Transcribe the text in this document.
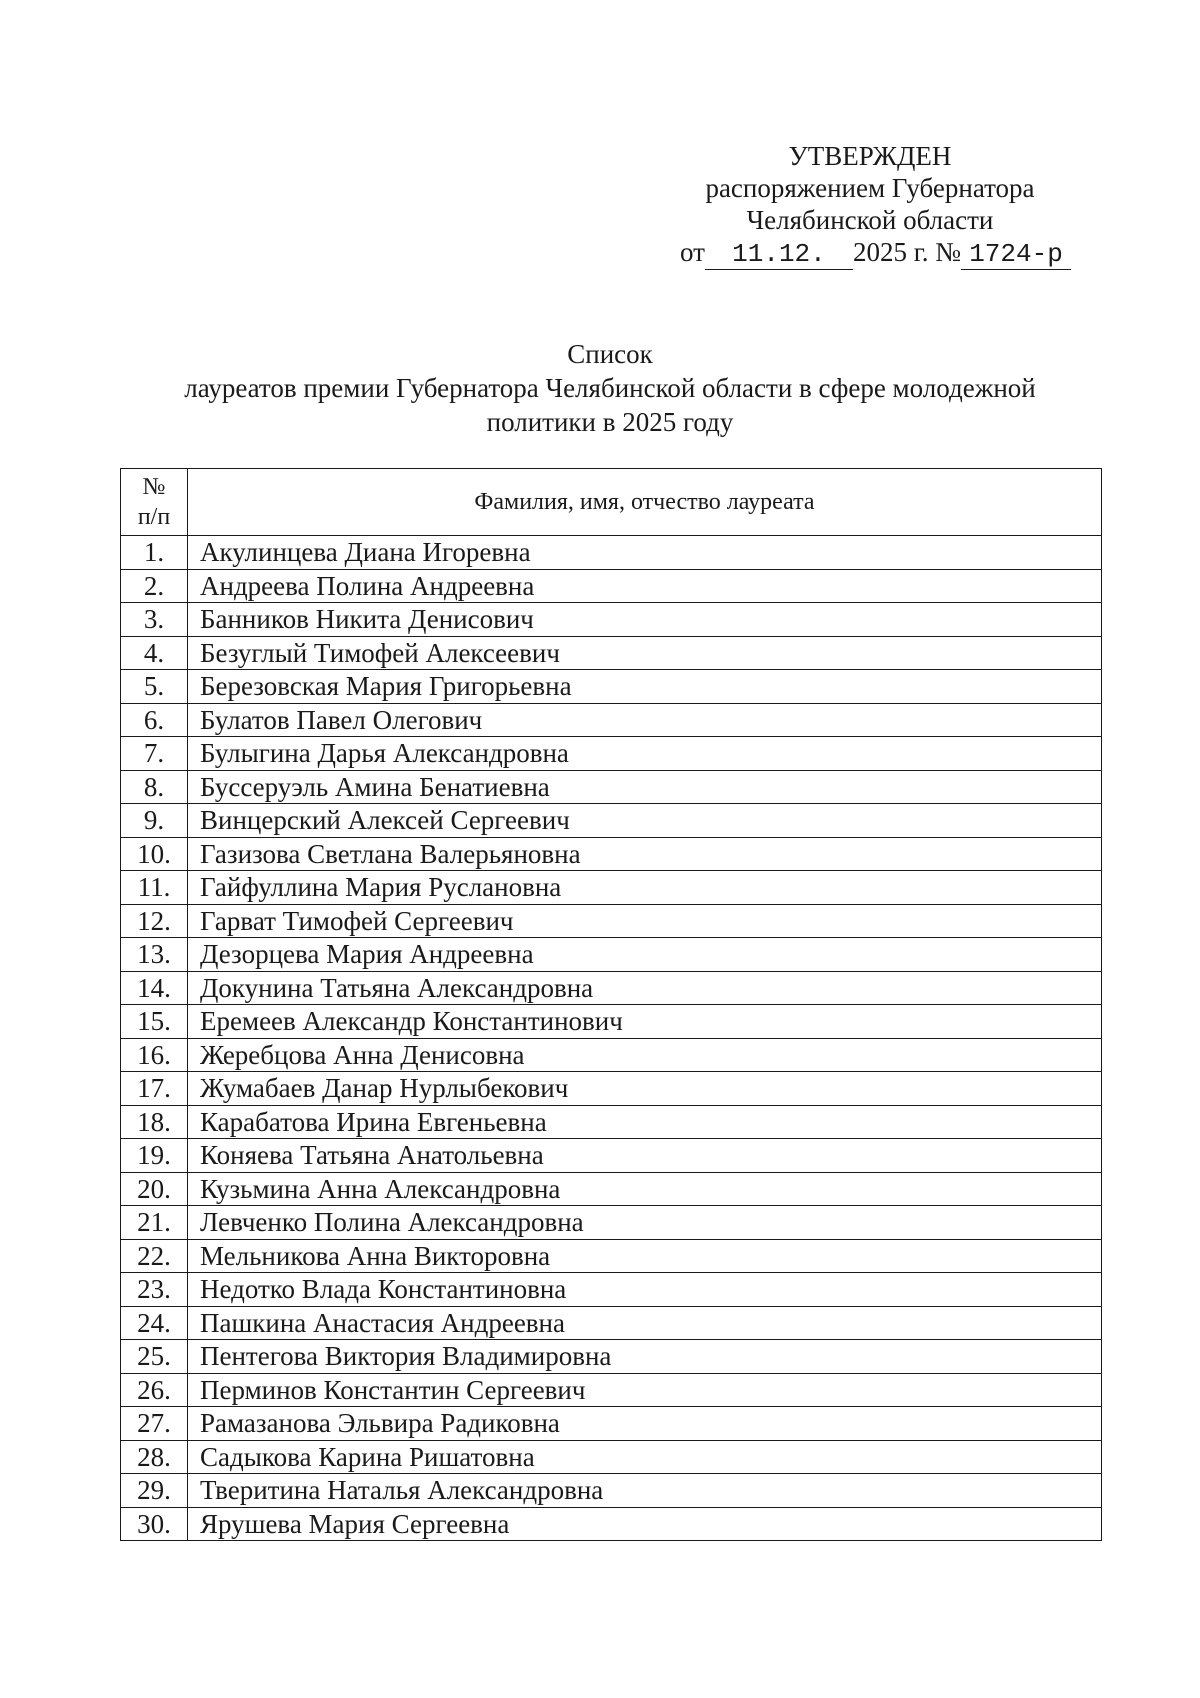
УТВЕРЖДЕН
распоряжением Губернатора
Челябинской области
от 11.12. 2025 г. № 1724-р
Список
лауреатов премии Губернатора Челябинской области в сфере молодежной
политики в 2025 году
№
п/п	Фамилия, имя, отчество лауреата
1.	Акулинцева Диана Игоревна
2.	Андреева Полина Андреевна
3.	Банников Никита Денисович
4.	Безуглый Тимофей Алексеевич
5.	Березовская Мария Григорьевна
6.	Булатов Павел Олегович
7.	Булыгина Дарья Александровна
8.	Буссеруэль Амина Бенатиевна
9.	Винцерский Алексей Сергеевич
10.	Газизова Светлана Валерьяновна
11.	Гайфуллина Мария Руслановна
12.	Гарват Тимофей Сергеевич
13.	Дезорцева Мария Андреевна
14.	Докунина Татьяна Александровна
15.	Еремеев Александр Константинович
16.	Жеребцова Анна Денисовна
17.	Жумабаев Данар Нурлыбекович
18.	Карабатова Ирина Евгеньевна
19.	Коняева Татьяна Анатольевна
20.	Кузьмина Анна Александровна
21.	Левченко Полина Александровна
22.	Мельникова Анна Викторовна
23.	Недотко Влада Константиновна
24.	Пашкина Анастасия Андреевна
25.	Пентегова Виктория Владимировна
26.	Перминов Константин Сергеевич
27.	Рамазанова Эльвира Радиковна
28.	Садыкова Карина Ришатовна
29.	Тверитина Наталья Александровна
30.	Ярушева Мария Сергеевна
